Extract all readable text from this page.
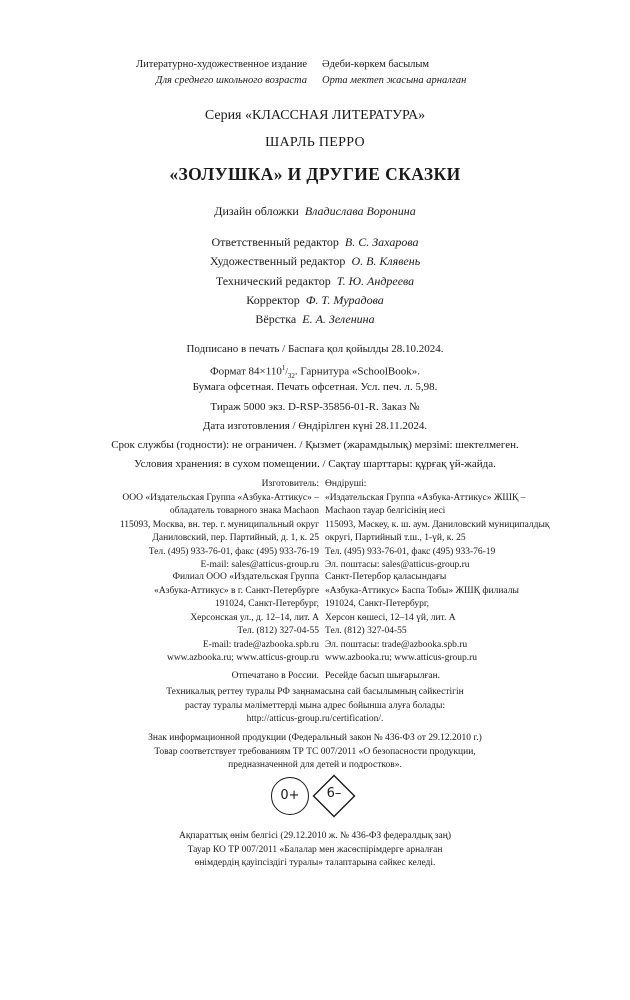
Литературно-художественное издание
Для среднего школьного возраста
Әдеби-көркем басылым
Орта мектеп жасына арналған
Серия «КЛАССНАЯ ЛИТЕРАТУРА»
ШАРЛЬ ПЕРРО
«ЗОЛУШКА» И ДРУГИЕ СКАЗКИ
Дизайн обложки Владислава Воронина
Ответственный редактор В. С. Захарова
Художественный редактор О. В. Клявень
Технический редактор Т. Ю. Андреева
Корректор Ф. Т. Мурадова
Вёрстка Е. А. Зеленина
Подписано в печать / Баспаға қол қойылды 28.10.2024.
Формат $84\times 110^1/_{32}$. Гарнитура «SchoolBook».
Бумага офсетная. Печать офсетная. Усл. печ. л. 5,98.
Тираж 5000 экз. D-RSP-35856-01-R. Заказ №
Дата изготовления / Өндірілген күні 28.11.2024.
Срок службы (годности): не ограничен. / Қызмет (жарамдылық) мерзімі: шектелмеген.
Условия хранения: в сухом помещении. / Сақтау шарттары: құрғақ үй-жайда.
Изготовитель:
ООО «Издательская Группа «Азбука-Аттикус» –
обладатель товарного знака Machaon
115093, Москва, вн. тер. г. муниципальный округ
Даниловский, пер. Партийный, д. 1, к. 25
Тел. (495) 933-76-01, факс (495) 933-76-19
E-mail: sales@atticus-group.ru
Өндіруші:
«Издательская Группа «Азбука-Аттикус» ЖШҚ –
Machaon тауар белгісінің иесі
115093, Мәскеу, к. ш. аум. Даниловский муниципалдық
округі, Партийный т.ш., 1-үй, к. 25
Тел. (495) 933-76-01, факс (495) 933-76-19
Эл. поштасы: sales@atticus-group.ru
Филиал ООО «Издательская Группа
«Азбука-Аттикус» в г. Санкт-Петербурге
191024, Санкт-Петербург,
Херсонская ул., д. 12–14, лит. А
Тел. (812) 327-04-55
E-mail: trade@azbooka.spb.ru
Санкт-Петербор қаласындағы
«Азбука-Аттикус» Баспа Тобы» ЖШҚ филиалы
191024, Санкт-Петербург,
Херсон көшесі, 12–14 үй, лит. А
Тел. (812) 327-04-55
Эл. поштасы: trade@azbooka.spb.ru
www.azbooka.ru; www.atticus-group.ru www.azbooka.ru; www.atticus-group.ru
Отпечатано в России. Ресейде басып шығарылған.
Техникалық реттеу туралы РФ заңнамасына сай басылымның сәйкестігін
растау туралы мәліметтерді мына адрес бойынша алуға болады:
http://atticus-group.ru/certification/.
Знак информационной продукции (Федеральный закон № 436-ФЗ от 29.12.2010 г.)
Товар соответствует требованиям ТР ТС 007/2011 «О безопасности продукции,
предназначенной для детей и подростков».
0+	6–
Ақпараттық өнім белгісі (29.12.2010 ж. № 436-ФЗ федералдық заң)
Тауар КО ТР 007/2011 «Балалар мен жасөспірімдерге арналған
өнімдердің қауіпсіздігі туралы» талаптарына сәйкес келеді.
